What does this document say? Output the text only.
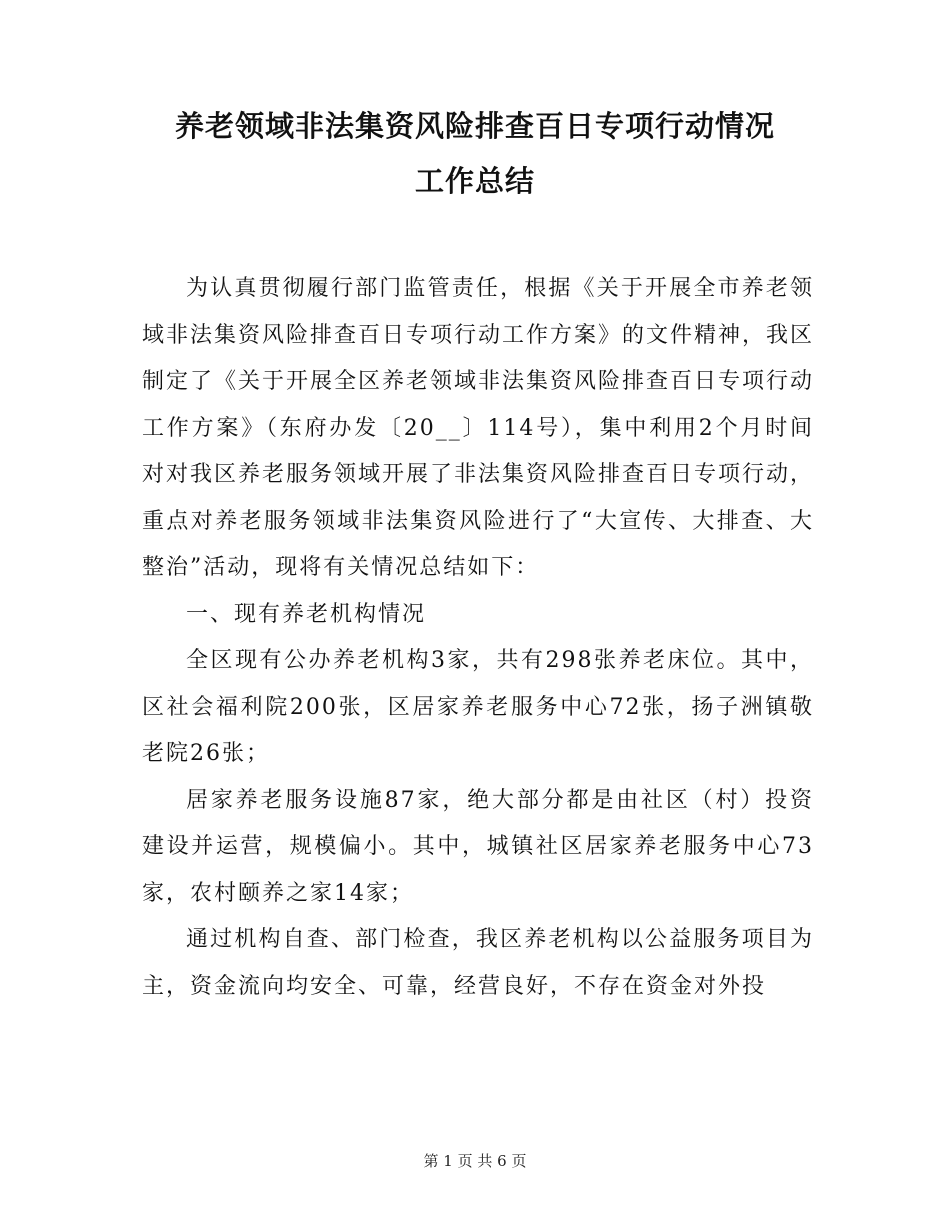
养老领域非法集资风险排查百日专项行动情况
工作总结

为认真贯彻履行部门监管责任，根据《关于开展全市养老领域非法集资风险排查百日专项行动工作方案》的文件精神，我区制定了《关于开展全区养老领域非法集资风险排查百日专项行动工作方案》（东府办发〔20__〕114号），集中利用2个月时间对对我区养老服务领域开展了非法集资风险排查百日专项行动，重点对养老服务领域非法集资风险进行了“大宣传、大排查、大整治”活动，现将有关情况总结如下：

一、现有养老机构情况

全区现有公办养老机构3家，共有298张养老床位。其中，区社会福利院200张，区居家养老服务中心72张，扬子洲镇敬老院26张；

居家养老服务设施87家，绝大部分都是由社区（村）投资建设并运营，规模偏小。其中，城镇社区居家养老服务中心73家，农村颐养之家14家；

通过机构自查、部门检查，我区养老机构以公益服务项目为主，资金流向均安全、可靠，经营良好，不存在资金对外投

第 1 页 共 6 页
